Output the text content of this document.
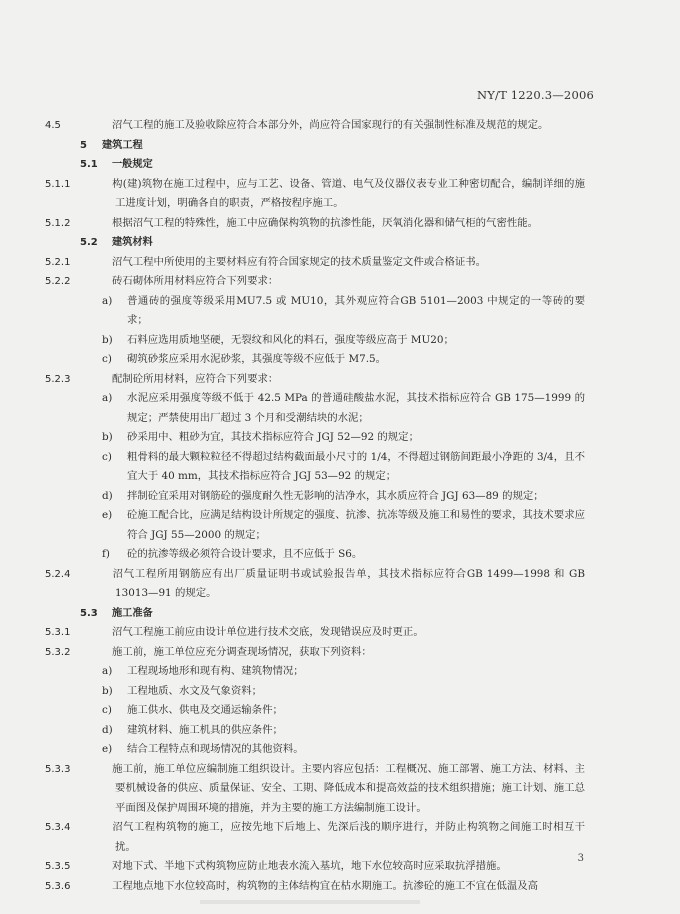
NY/T 1220.3—2006

4.5	沼气工程的施工及验收除应符合本部分外，尚应符合国家现行的有关强制性标准及规范的规定。

5 建筑工程

5.1 一般规定

5.1.1	构(建)筑物在施工过程中，应与工艺、设备、管道、电气及仪器仪表专业工种密切配合，编制详细的施工进度计划，明确各自的职责，严格按程序施工。

5.1.2	根据沼气工程的特殊性，施工中应确保构筑物的抗渗性能，厌氧消化器和储气柜的气密性能。

5.2 建筑材料

5.2.1	沼气工程中所使用的主要材料应有符合国家规定的技术质量鉴定文件或合格证书。

5.2.2	砖石砌体所用材料应符合下列要求：

a) 普通砖的强度等级采用MU7.5 或 MU10，其外观应符合GB 5101—2003 中规定的一等砖的要求；

b) 石料应选用质地坚硬，无裂纹和风化的料石，强度等级应高于 MU20；

c) 砌筑砂浆应采用水泥砂浆，其强度等级不应低于 M7.5。

5.2.3	配制砼所用材料，应符合下列要求：

a) 水泥应采用强度等级不低于 42.5 MPa 的普通硅酸盐水泥，其技术指标应符合 GB 175—1999 的规定；严禁使用出厂超过 3 个月和受潮结块的水泥；

b) 砂采用中、粗砂为宜，其技术指标应符合 JGJ 52—92 的规定；

c) 粗骨料的最大颗粒粒径不得超过结构截面最小尺寸的 1/4，不得超过钢筋间距最小净距的 3/4，且不宜大于 40 mm，其技术指标应符合 JGJ 53—92 的规定；

d) 拌制砼宜采用对钢筋砼的强度耐久性无影响的洁净水，其水质应符合 JGJ 63—89 的规定；

e) 砼施工配合比，应满足结构设计所规定的强度、抗渗、抗冻等级及施工和易性的要求，其技术要求应符合 JGJ 55—2000 的规定；

f) 砼的抗渗等级必须符合设计要求，且不应低于 S6。

5.2.4	沼气工程所用钢筋应有出厂质量证明书或试验报告单，其技术指标应符合GB 1499—1998 和 GB 13013—91 的规定。

5.3 施工准备

5.3.1	沼气工程施工前应由设计单位进行技术交底，发现错误应及时更正。

5.3.2	施工前，施工单位应充分调查现场情况，获取下列资料：

a) 工程现场地形和现有构、建筑物情况；

b) 工程地质、水文及气象资料；

c) 施工供水、供电及交通运输条件；

d) 建筑材料、施工机具的供应条件；

e) 结合工程特点和现场情况的其他资料。

5.3.3	施工前，施工单位应编制施工组织设计。主要内容应包括：工程概况、施工部署、施工方法、材料、主要机械设备的供应、质量保证、安全、工期、降低成本和提高效益的技术组织措施；施工计划、施工总平面图及保护周围环境的措施，并为主要的施工方法编制施工设计。

5.3.4	沼气工程构筑物的施工，应按先地下后地上、先深后浅的顺序进行，并防止构筑物之间施工时相互干扰。

5.3.5	对地下式、半地下式构筑物应防止地表水流入基坑，地下水位较高时应采取抗浮措施。

5.3.6	工程地点地下水位较高时，构筑物的主体结构宜在枯水期施工。抗渗砼的施工不宜在低温及高

3
